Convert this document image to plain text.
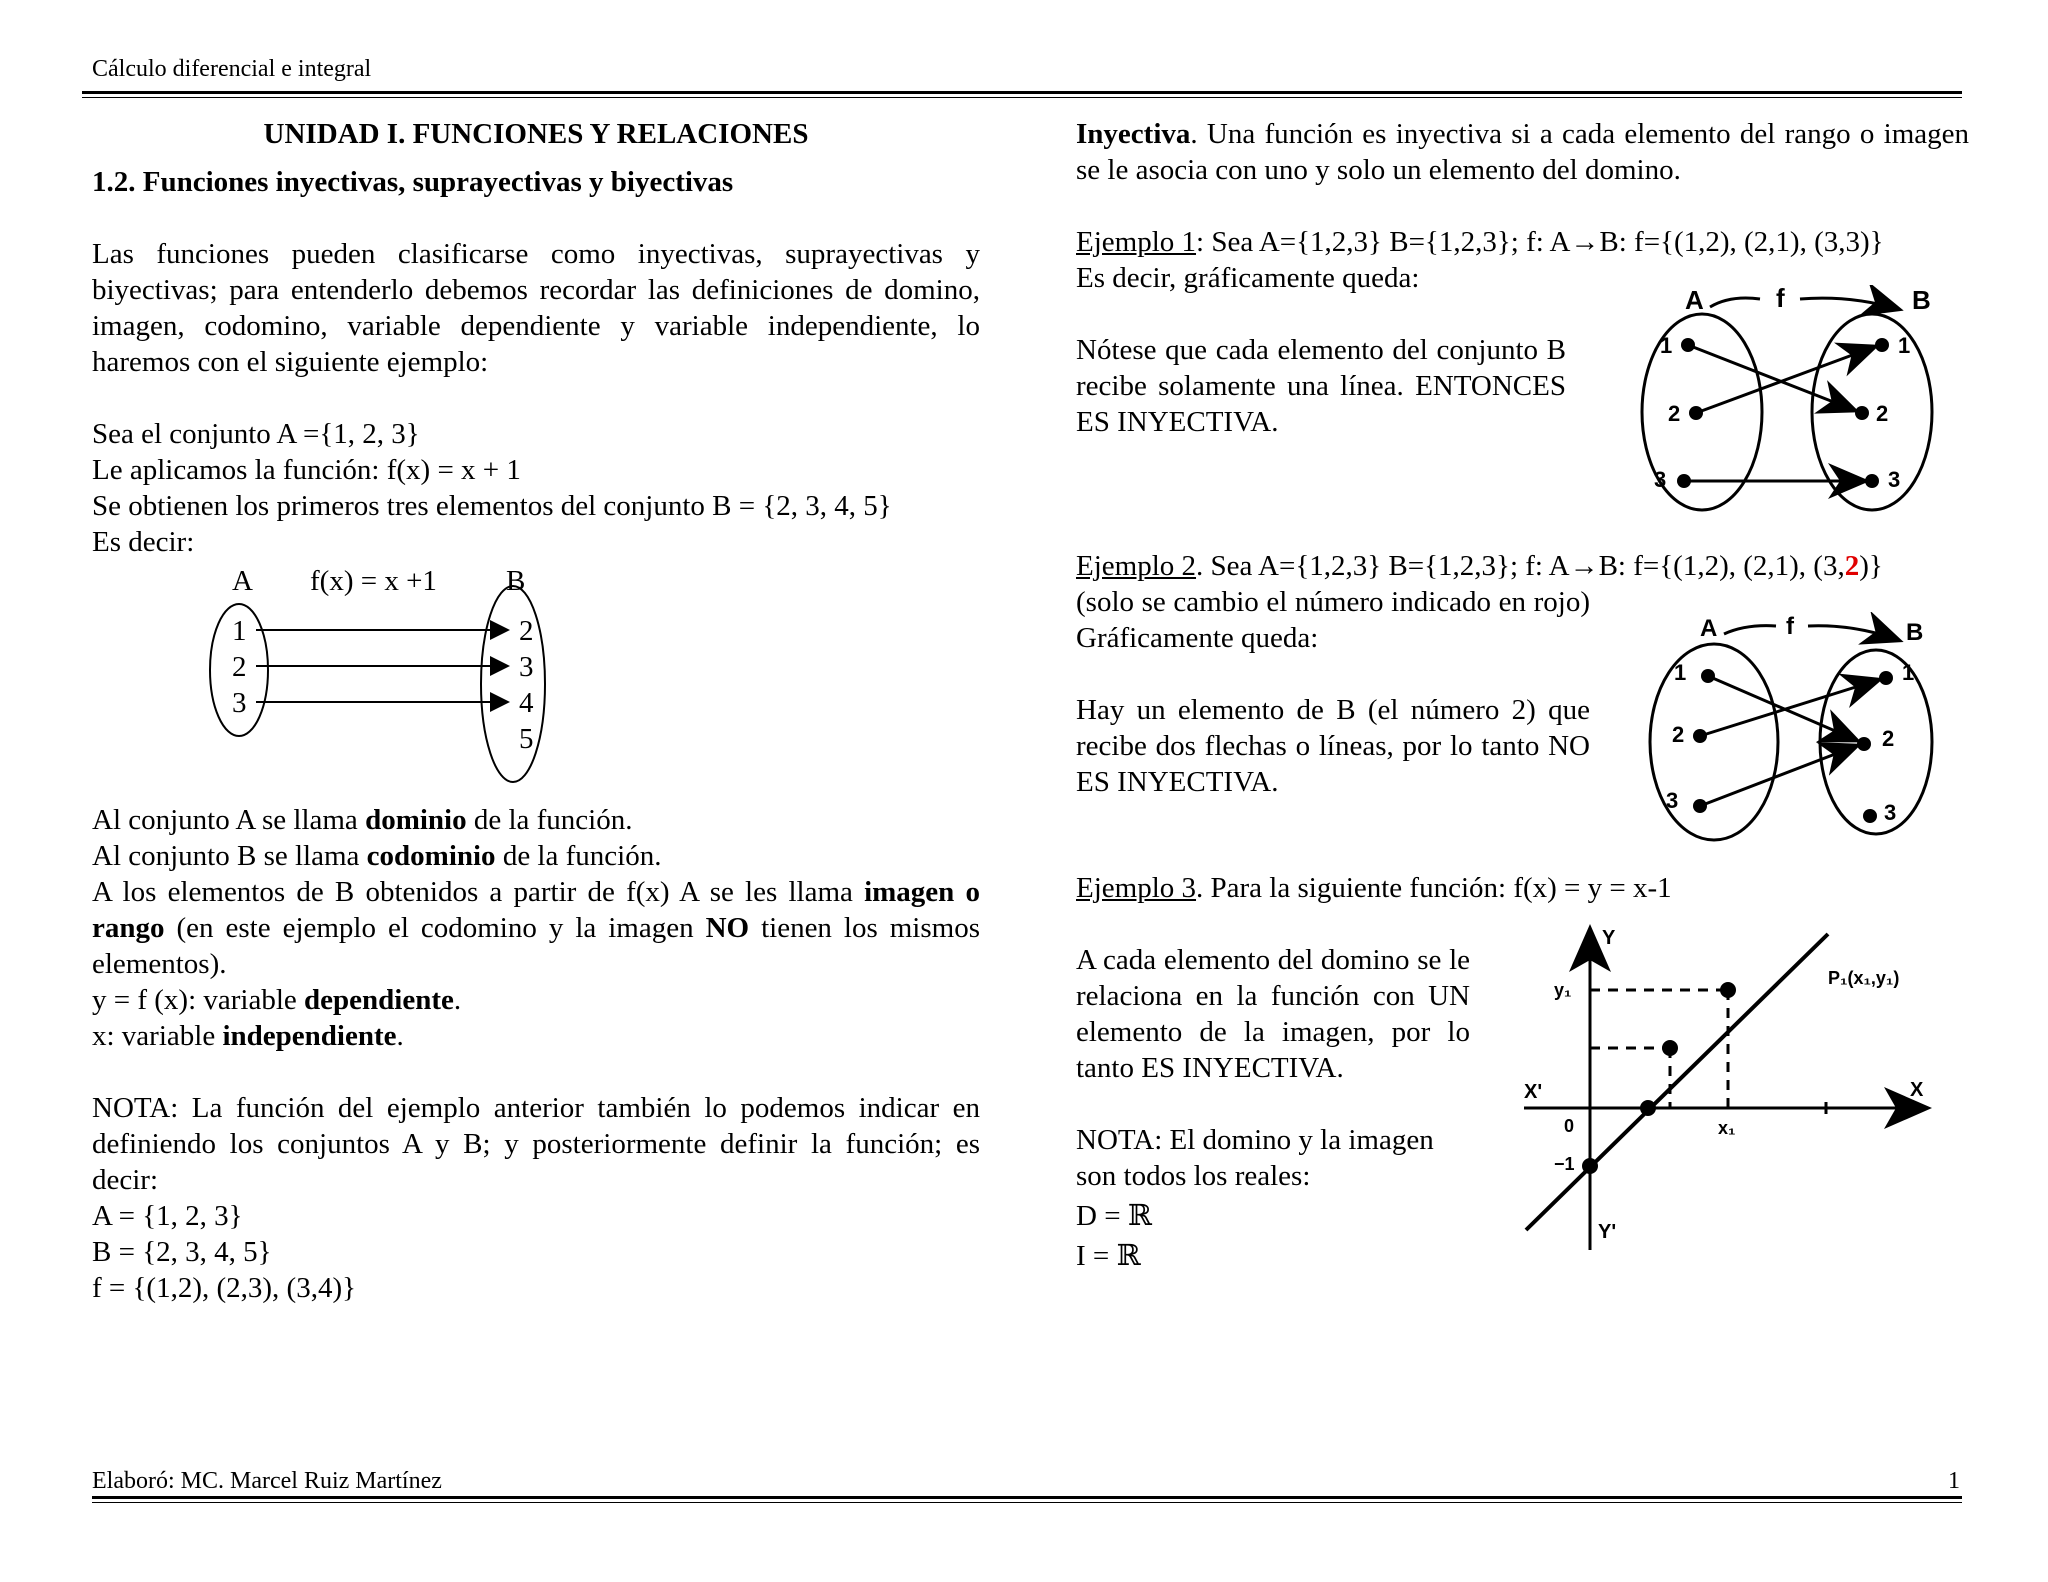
Cálculo diferencial e integral
UNIDAD I. FUNCIONES Y RELACIONES
1.2. Funciones inyectivas, suprayectivas y biyectivas

Las funciones pueden clasificarse como inyectivas, suprayectivas y biyectivas; para entenderlo debemos recordar las definiciones de domino, imagen, codomino, variable dependiente y variable independiente, lo haremos con el siguiente ejemplo:

Sea el conjunto A ={1, 2, 3}

Le aplicamos la función: f(x) = x + 1

Se obtienen los primeros tres elementos del conjunto B = {2, 3, 4, 5}

Es decir:

A f(x) = x +1 B
1
2
3
2
3
4
5

Al conjunto A se llama dominio de la función.

Al conjunto B se llama codominio de la función.

A los elementos de B obtenidos a partir de f(x) A se les llama imagen o rango (en este ejemplo el codomino y la imagen NO tienen los mismos elementos).

y = f (x): variable dependiente.

x: variable independiente.

NOTA: La función del ejemplo anterior también lo podemos indicar en definiendo los conjuntos A y B; y posteriormente definir la función; es decir:

A = {1, 2, 3}

B = {2, 3, 4, 5}

f = {(1,2), (2,3), (3,4)}

Inyectiva. Una función es inyectiva si a cada elemento del rango o imagen se le asocia con uno y solo un elemento del domino.

Ejemplo 1: Sea A={1,2,3} B={1,2,3}; f: A→B: f={(1,2), (2,1), (3,3)}

Es decir, gráficamente queda:

Nótese que cada elemento del conjunto B recibe solamente una línea. ENTONCES ES INYECTIVA.

A	f	B
1
2
3
1
2
3

Ejemplo 2. Sea A={1,2,3} B={1,2,3}; f: A→B: f={(1,2), (2,1), (3,2)}

(solo se cambio el número indicado en rojo) Gráficamente queda:

Hay un elemento de B (el número 2) que recibe dos flechas o líneas, por lo tanto NO ES INYECTIVA.

A	f	B
1
2
3
1
2
3

Ejemplo 3. Para la siguiente función: f(x) = y = x-1

A cada elemento del domino se le relaciona en la función con UN elemento de la imagen, por lo tanto ES INYECTIVA.

NOTA: El domino y la imagen son todos los reales:

D = ℝ

I = ℝ

Y
Y'
X
X'
0
−1
y₁
x₁
P₁(x₁,y₁)
Elaboró: MC. Marcel Ruiz Martínez	1
